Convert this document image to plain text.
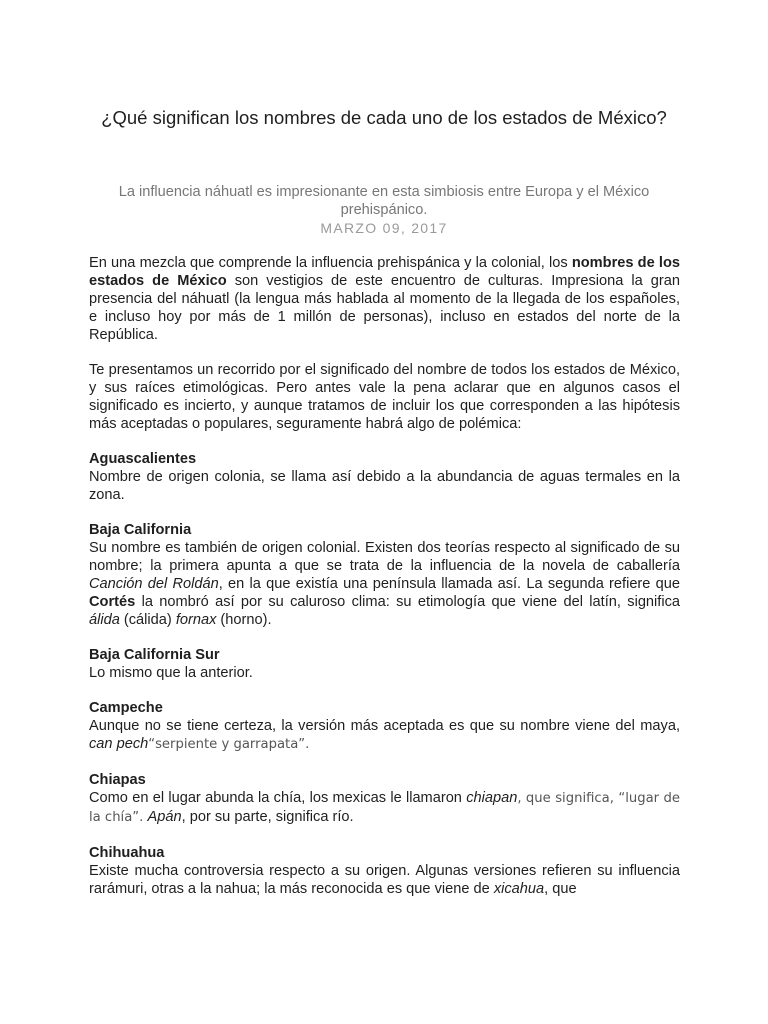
¿Qué significan los nombres de cada uno de los estados de México?

La influencia náhuatl es impresionante en esta simbiosis entre Europa y el México prehispánico.

MARZO 09, 2017

En una mezcla que comprende la influencia prehispánica y la colonial, los nombres de los estados de México son vestigios de este encuentro de culturas. Impresiona la gran presencia del náhuatl (la lengua más hablada al momento de la llegada de los españoles, e incluso hoy por más de 1 millón de personas), incluso en estados del norte de la República.

Te presentamos un recorrido por el significado del nombre de todos los estados de México, y sus raíces etimológicas. Pero antes vale la pena aclarar que en algunos casos el significado es incierto, y aunque tratamos de incluir los que corresponden a las hipótesis más aceptadas o populares, seguramente habrá algo de polémica:

Aguascalientes

Nombre de origen colonia, se llama así debido a la abundancia de aguas termales en la zona.

Baja California

Su nombre es también de origen colonial. Existen dos teorías respecto al significado de su nombre; la primera apunta a que se trata de la influencia de la novela de caballería Canción del Roldán, en la que existía una península llamada así. La segunda refiere que Cortés la nombró así por su caluroso clima: su etimología que viene del latín, significa álida (cálida) fornax (horno).

Baja California Sur

Lo mismo que la anterior.

Campeche

Aunque no se tiene certeza, la versión más aceptada es que su nombre viene del maya, can pech“serpiente y garrapata”.

Chiapas

Como en el lugar abunda la chía, los mexicas le llamaron chiapan, que significa, “lugar de la chía”. Apán, por su parte, significa río.

Chihuahua

Existe mucha controversia respecto a su origen. Algunas versiones refieren su influencia rarámuri, otras a la nahua; la más reconocida es que viene de xicahua, que
